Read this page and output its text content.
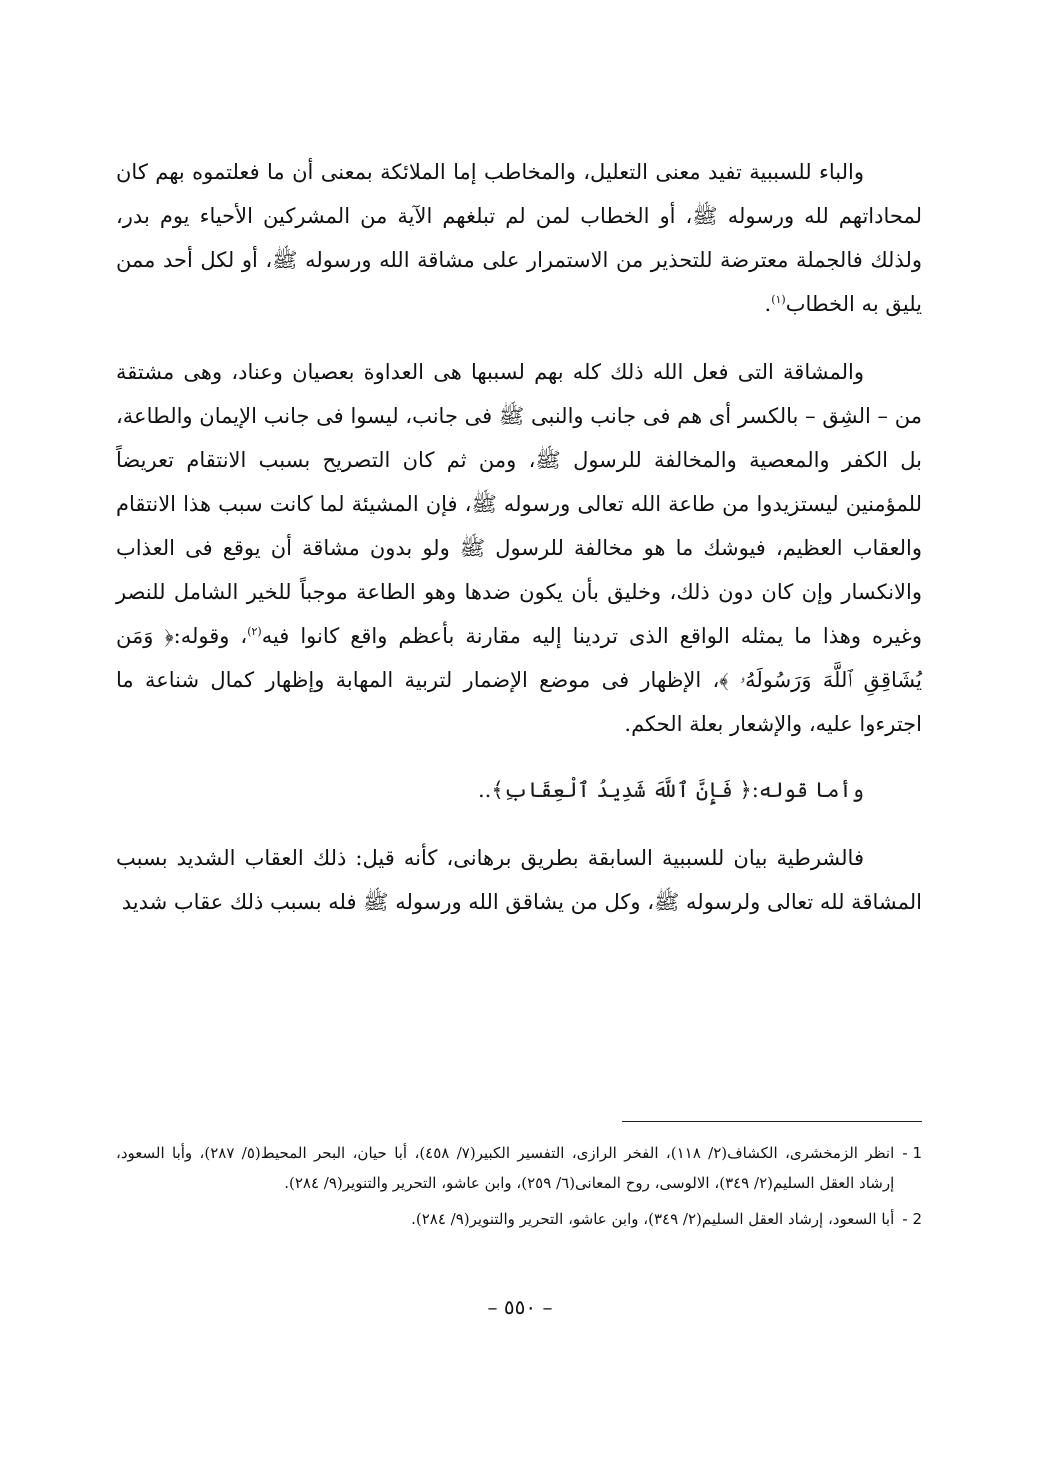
والباء للسببية تفيد معنى التعليل، والمخاطب إما الملائكة بمعنى أن ما فعلتموه بهم كان لمحاداتهم لله ورسوله ﷺ، أو الخطاب لمن لم تبلغهم الآية من المشركين الأحياء يوم بدر، ولذلك فالجملة معترضة للتحذير من الاستمرار على مشاقة الله ورسوله ﷺ، أو لكل أحد ممن يليق به الخطاب$^{(١)}$.

والمشاقة التى فعل الله ذلك كله بهم لسببها هى العداوة بعصيان وعناد، وهى مشتقة من – الشِق – بالكسر أى هم فى جانب والنبى ﷺ فى جانب، ليسوا فى جانب الإيمان والطاعة، بل الكفر والمعصية والمخالفة للرسول ﷺ، ومن ثم كان التصريح بسبب الانتقام تعريضاً للمؤمنين ليستزيدوا من طاعة الله تعالى ورسوله ﷺ، فإن المشيئة لما كانت سبب هذا الانتقام والعقاب العظيم، فيوشك ما هو مخالفة للرسول ﷺ ولو بدون مشاقة أن يوقع فى العذاب والانكسار وإن كان دون ذلك، وخليق بأن يكون ضدها وهو الطاعة موجباً للخير الشامل للنصر وغيره وهذا ما يمثله الواقع الذى تردينا إليه مقارنة بأعظم واقع كانوا فيه$^{(٢)}$، وقوله:﴿ وَمَن يُشَاقِقِ ٱللَّهَ وَرَسُولَهُۥ ﴾، الإظهار فى موضع الإضمار لتربية المهابة وإظهار كمال شناعة ما اجترءوا عليه، والإشعار بعلة الحكم.

وأما قوله:﴿ فَإِنَّ ٱللَّهَ شَدِيدُ ٱلْعِقَابِ﴾..

فالشرطية بيان للسببية السابقة بطريق برهانى، كأنه قيل: ذلك العقاب الشديد بسبب المشاقة لله تعالى ولرسوله ﷺ، وكل من يشاقق الله ورسوله ﷺ فله بسبب ذلك عقاب شديد

1 -
انظر الزمخشرى، الكشاف(٢/ ١١٨)، الفخر الرازى، التفسير الكبير(٧/ ٤٥٨)، أبا حيان، البحر المحيط(٥/ ٢٨٧)، وأبا السعود، إرشاد العقل السليم(٢/ ٣٤٩)، الالوسى، روح المعانى(٦/ ٢٥٩)، وابن عاشو، التحرير والتنوير(٩/ ٢٨٤).
2 -
أبا السعود، إرشاد العقل السليم(٢/ ٣٤٩)، وابن عاشو، التحرير والتنوير(٩/ ٢٨٤).
– ٥٥٠ –
